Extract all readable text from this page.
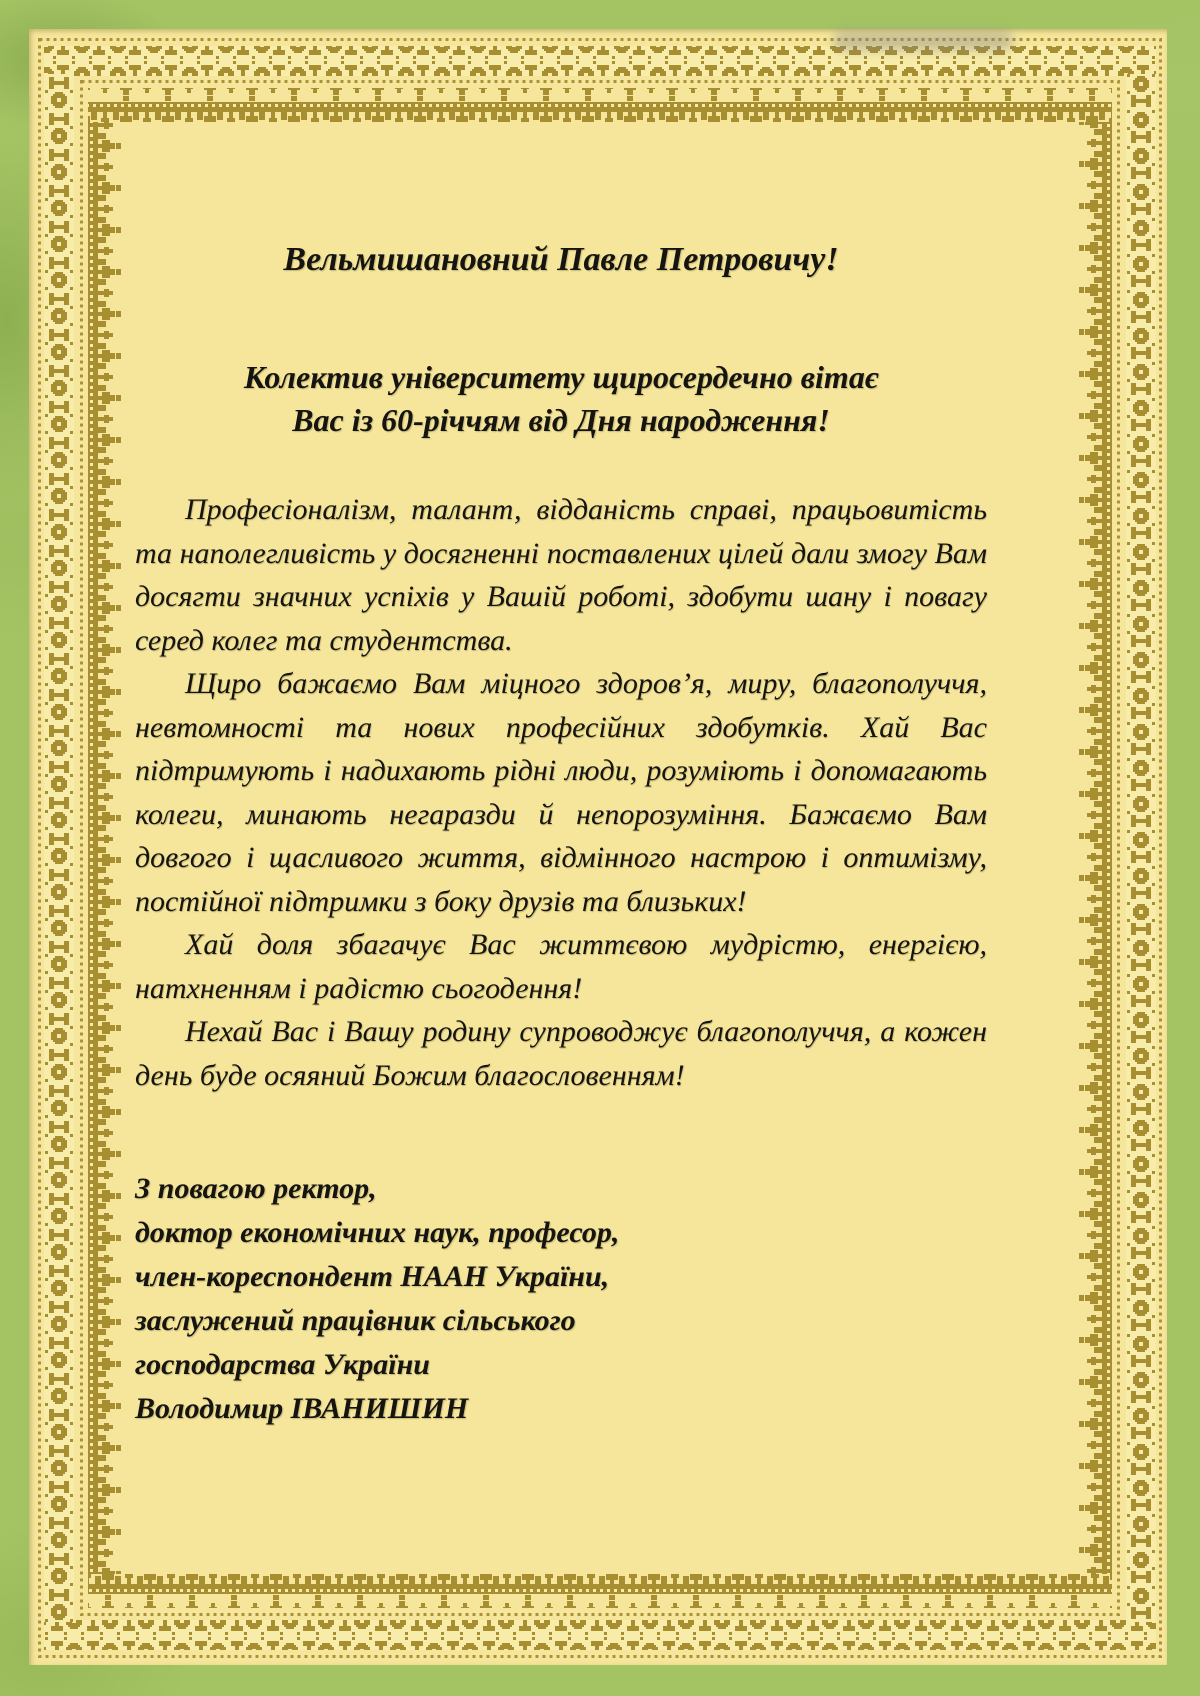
Вельмишановний Павле Петровичу!
Колектив університету щиросердечно вітає
Вас із 60-річчям від Дня народження!

Професіоналізм, талант, відданість справі, працьовитість та наполегливість у досягненні поставлених цілей дали змогу Вам досягти значних успіхів у Вашій роботі, здобути шану і повагу серед колег та студентства.

Щиро бажаємо Вам міцного здоров’я, миру, благополуччя, невтомності та нових професійних здобутків. Хай Вас підтримують і надихають рідні люди, розуміють і допомагають колеги, минають негаразди й непорозуміння. Бажаємо Вам довгого і щасливого життя, відмінного настрою і оптимізму, постійної підтримки з боку друзів та близьких!

Хай доля збагачує Вас життєвою мудрістю, енергією, натхненням і радістю сьогодення!

Нехай Вас і Вашу родину супроводжує благополуччя, а кожен день буде осяяний Божим благословенням!

З повагою ректор,
доктор економічних наук, професор,
член-кореспондент НААН України,
заслужений працівник сільського
господарства України
Володимир ІВАНИШИН
